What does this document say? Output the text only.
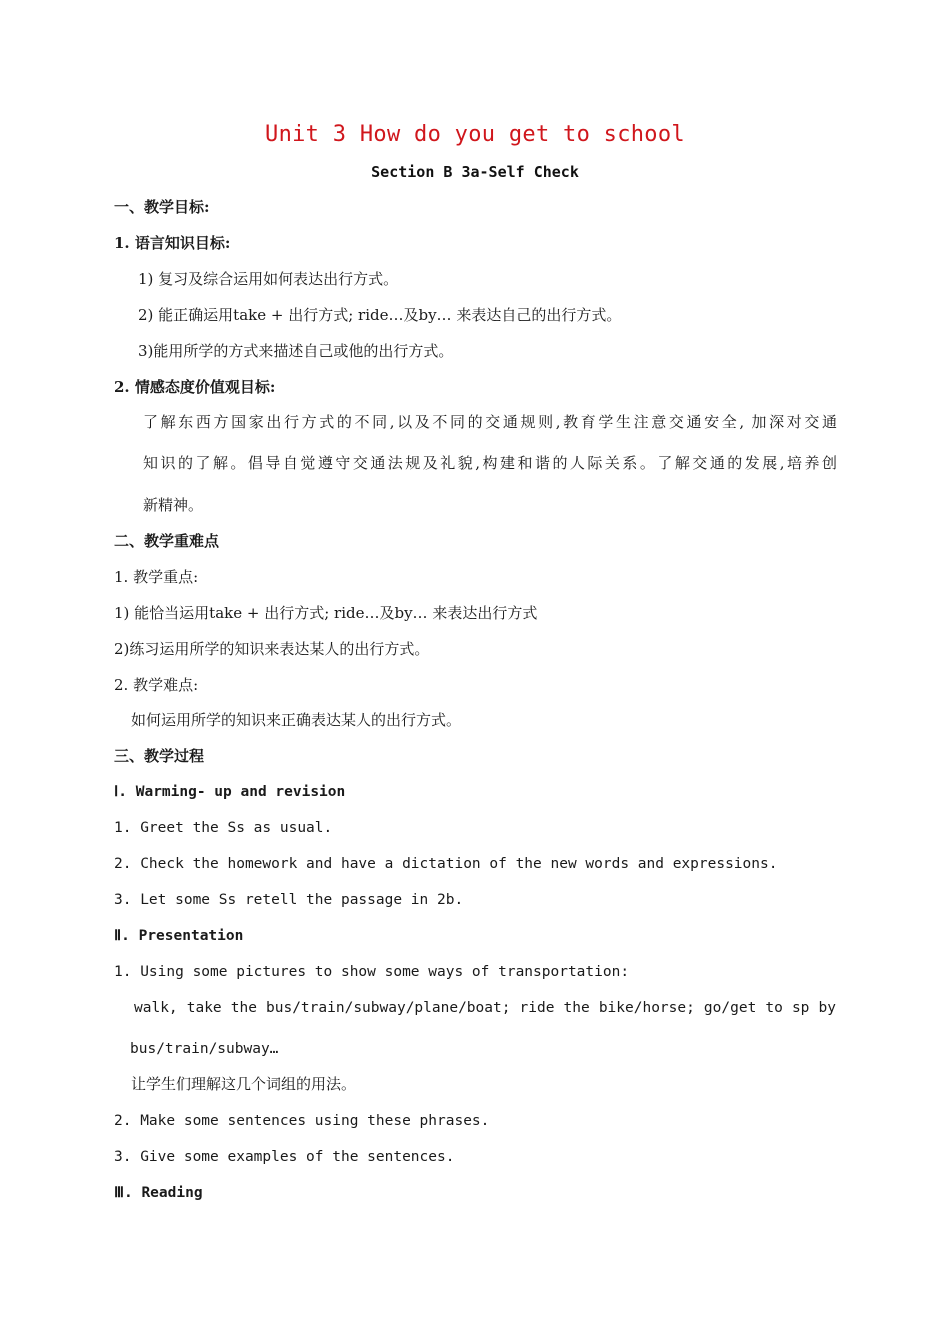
Unit 3 How do you get to school
Section B 3a-Self Check
一、教学目标:
1. 语言知识目标:
1) 复习及综合运用如何表达出行方式。
2) 能正确运用take + 出行方式; ride…及by… 来表达自己的出行方式。
3)能用所学的方式来描述自己或他的出行方式。
2. 情感态度价值观目标:
了解东西方国家出行方式的不同,以及不同的交通规则,教育学生注意交通安全, 加深对交通
知识的了解。倡导自觉遵守交通法规及礼貌,构建和谐的人际关系。了解交通的发展,培养创
新精神。
二、教学重难点
1. 教学重点:
1) 能恰当运用take + 出行方式; ride…及by… 来表达出行方式
2)练习运用所学的知识来表达某人的出行方式。
2. 教学难点:
如何运用所学的知识来正确表达某人的出行方式。
三、教学过程
Ⅰ. Warming- up and revision
1. Greet the Ss as usual.
2. Check the homework and have a dictation of the new words and expressions.
3. Let some Ss retell the passage in 2b.
Ⅱ. Presentation
1. Using some pictures to show some ways of transportation:
walk, take the bus/train/subway/plane/boat; ride the bike/horse; go/get to sp by
bus/train/subway…
让学生们理解这几个词组的用法。
2. Make some sentences using these phrases.
3. Give some examples of the sentences.
Ⅲ. Reading
